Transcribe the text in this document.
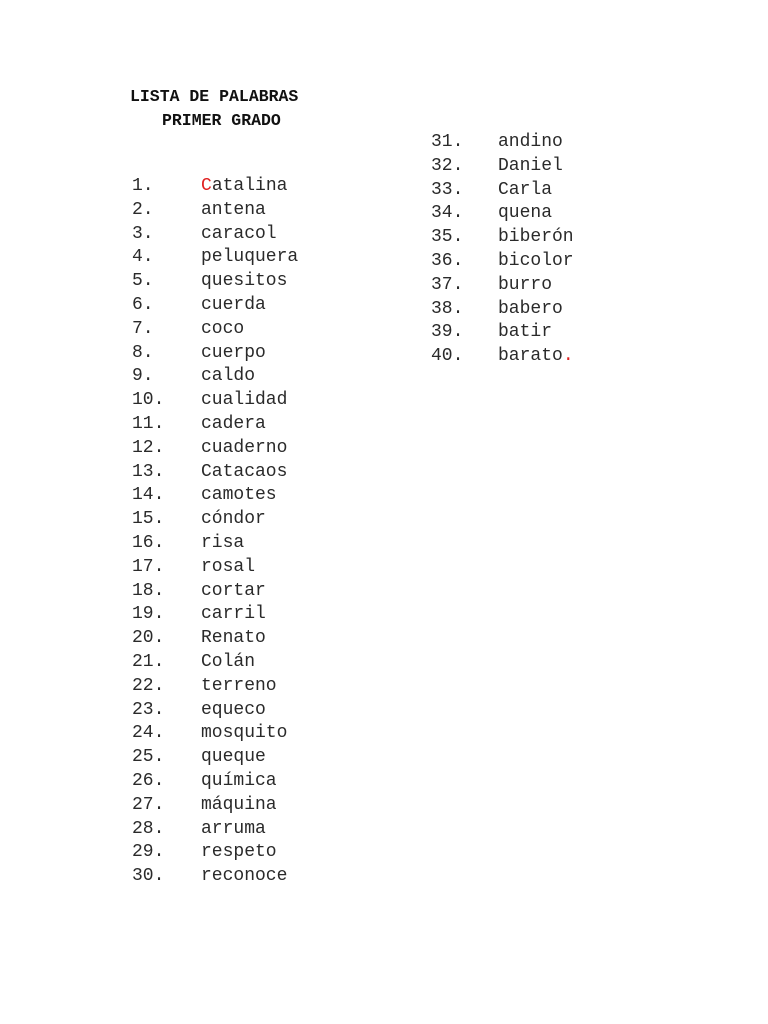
LISTA DE PALABRAS
PRIMER GRADO
1.	Catalina
2.	antena
3.	caracol
4.	peluquera
5.	quesitos
6.	cuerda
7.	coco
8.	cuerpo
9.	caldo
10.	cualidad
11.	cadera
12.	cuaderno
13.	Catacaos
14.	camotes
15.	cóndor
16.	risa
17.	rosal
18.	cortar
19.	carril
20.	Renato
21.	Colán
22.	terreno
23.	equeco
24.	mosquito
25.	queque
26.	química
27.	máquina
28.	arruma
29.	respeto
30.	reconoce
31.	andino
32.	Daniel
33.	Carla
34.	quena
35.	biberón
36.	bicolor
37.	burro
38.	babero
39.	batir
40.	barato .
